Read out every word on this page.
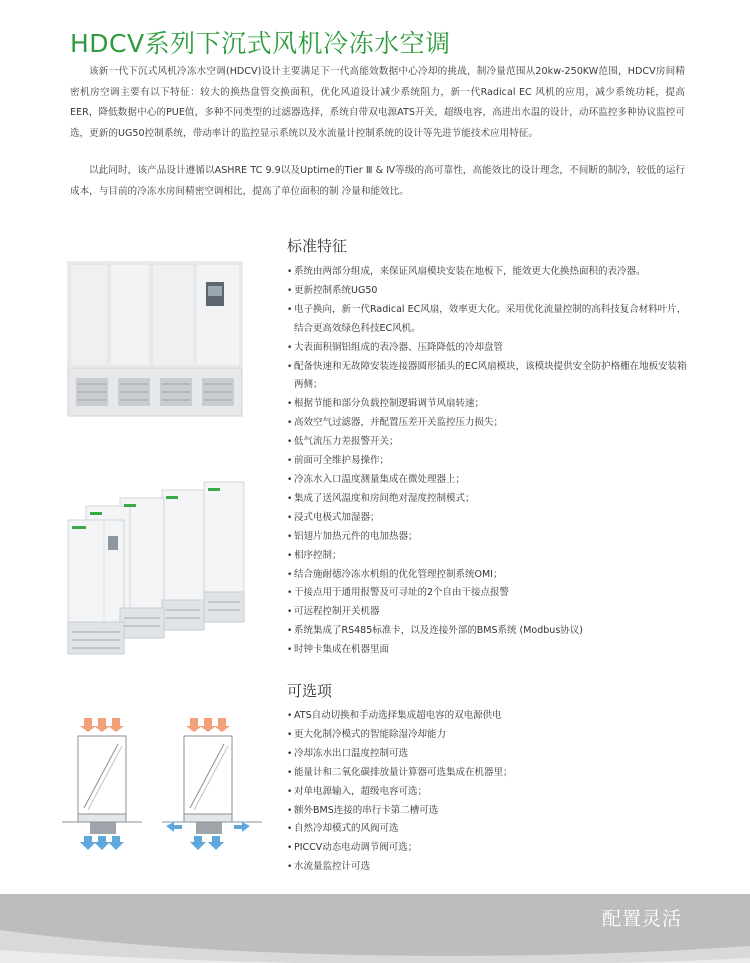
HDCV系列下沉式风机冷冻水空调

该新一代下沉式风机冷冻水空调(HDCV)设计主要满足下一代高能效数据中心冷却的挑战，制冷量范围从20kw-250KW范围，HDCV房间精密机房空调主要有以下特征：较大的换热盘管交换面积，优化风道设计减少系统阻力，新一代Radical EC 风机的应用，减少系统功耗，提高EER，降低数据中心的PUE值，多种不同类型的过滤器选择，系统自带双电源ATS开关，超级电容，高进出水温的设计，动环监控多种协议监控可选，更新的UG50控制系统，带动率计的监控显示系统以及水流量计控制系统的设计等先进节能技术应用特征。

以此同时，该产品设计遵循以ASHRE TC 9.9以及Uptime的Tier Ⅲ & Ⅳ等级的高可靠性，高能效比的设计理念，不间断的制冷，较低的运行成本，与目前的冷冻水房间精密空调相比，提高了单位面积的制 冷量和能效比。

标准特征
• 系统由两部分组成，来保证风扇模块安装在地板下，能效更大化换热面积的表冷器。
• 更新控制系统UG50
• 电子换向，新一代Radical EC风扇，效率更大化。采用优化流量控制的高科技复合材料叶片，结合更高效绿色科技EC风机。
• 大表面积铜铝组成的表冷器、压降降低的冷却盘管
• 配备快速和无故障安装连接器圆形插头的EC风扇模块，该模块提供安全防护格栅在地板安装箱两侧；
• 根据节能和部分负载控制逻辑调节风扇转速；
• 高效空气过滤器，并配置压差开关监控压力损失；
• 低气流压力差报警开关；
• 前面可全维护易操作；
• 冷冻水入口温度测量集成在微处理器上；
• 集成了送风温度和房间绝对湿度控制模式；
• 浸式电极式加湿器；
• 铝翅片加热元件的电加热器；
• 相序控制；
• 结合施耐德冷冻水机组的优化管理控制系统OMI；
• 干接点用于通用报警及可寻址的2个自由干接点报警
• 可远程控制开关机器
• 系统集成了RS485标准卡，以及连接外部的BMS系统 (Modbus协议)
• 时钟卡集成在机器里面
可选项
• ATS自动切换和手动选择集成超电容的双电源供电
• 更大化制冷模式的智能除湿冷却能力
• 冷却冻水出口温度控制可选
• 能量计和二氧化碳排放量计算器可选集成在机器里；
• 对单电源输入，超级电容可选；
• 额外BMS连接的串行卡第二槽可选
• 自然冷却模式的风阀可选
• PICCV动态电动调节阀可选；
• 水流量监控计可选
配置灵活
